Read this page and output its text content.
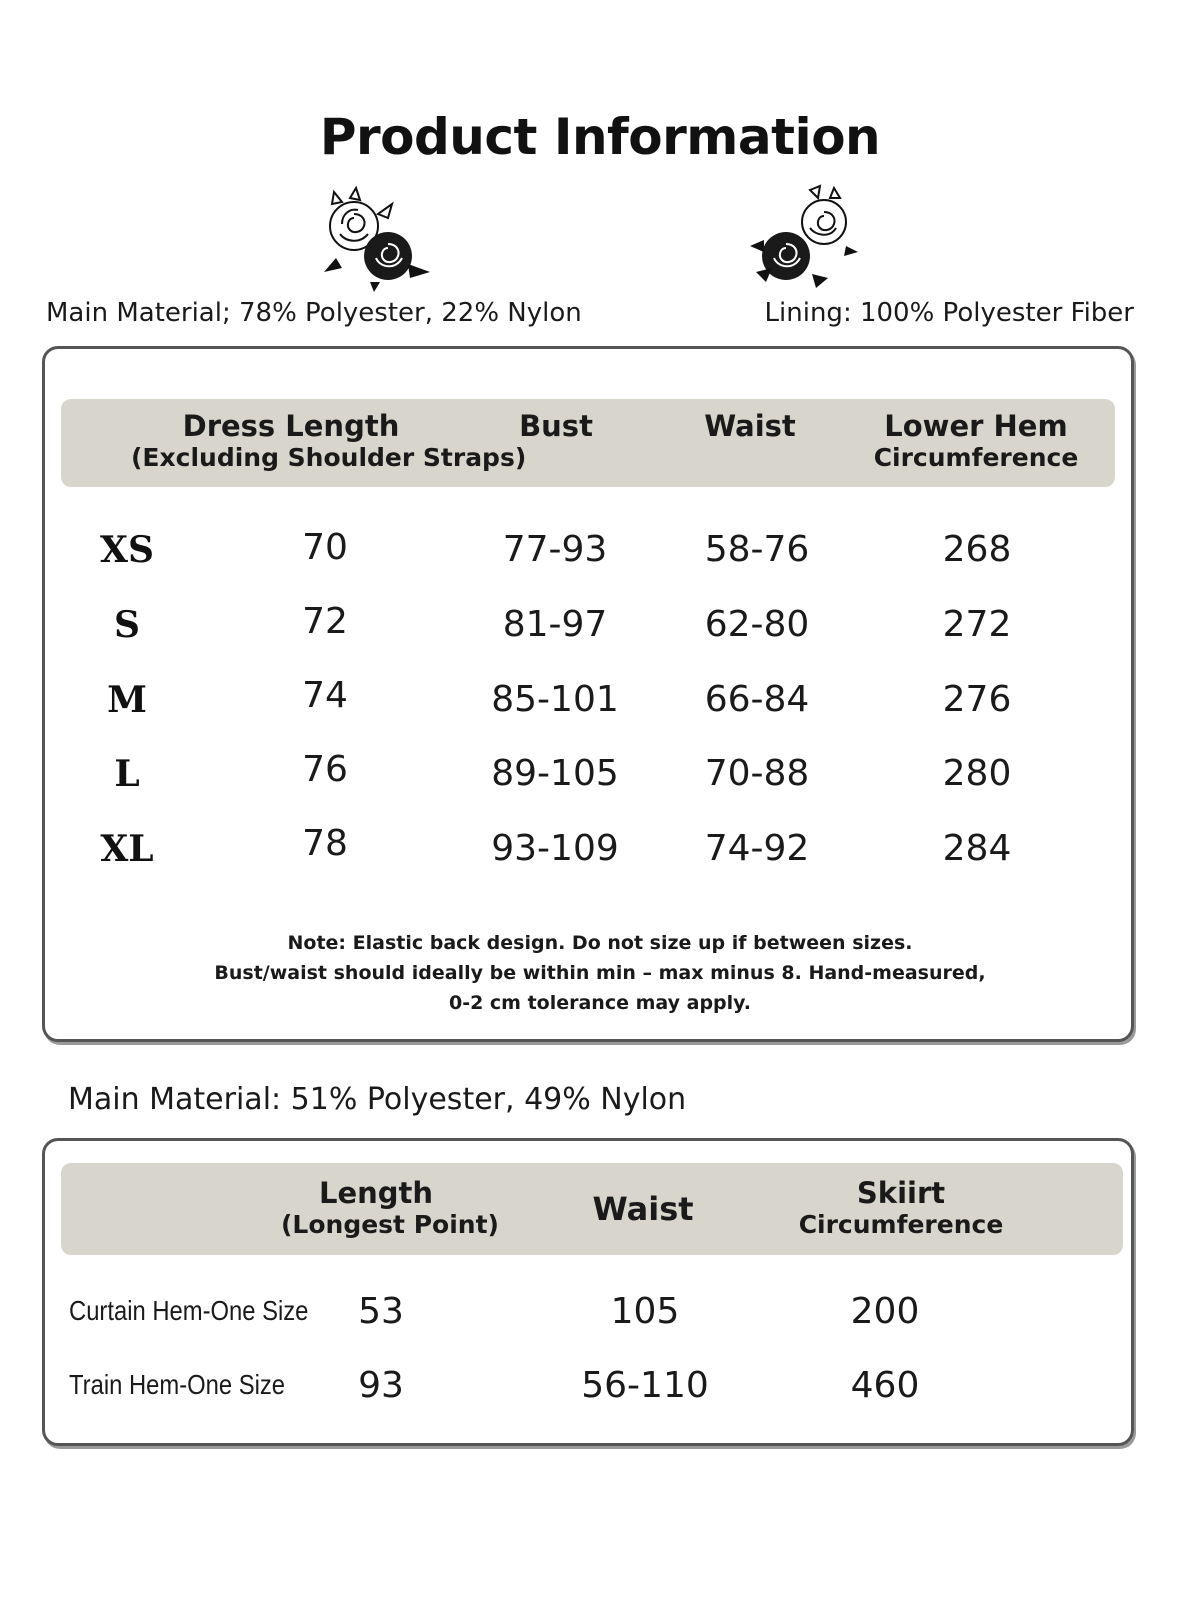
Product Information
Main Material; 78% Polyester, 22% Nylon	Lining: 100% Polyester Fiber
Dress Length
(Excluding Shoulder Straps)
Bust	Waist	Lower Hem
Circumference
XS	70	77-93	58-76	268
S	72	81-97	62-80	272
M	74	85-101	66-84	276
L	76	89-105	70-88	280
XL	78	93-109	74-92	284
Note: Elastic back design. Do not size up if between sizes.
Bust/waist should ideally be within min – max minus 8. Hand-measured,
0-2 cm tolerance may apply.
Main Material: 51% Polyester, 49% Nylon
Length
(Longest Point)	Waist	Skiirt
Circumference
Curtain Hem-One Size	53	105	200
Train Hem-One Size	93	56-110	460
